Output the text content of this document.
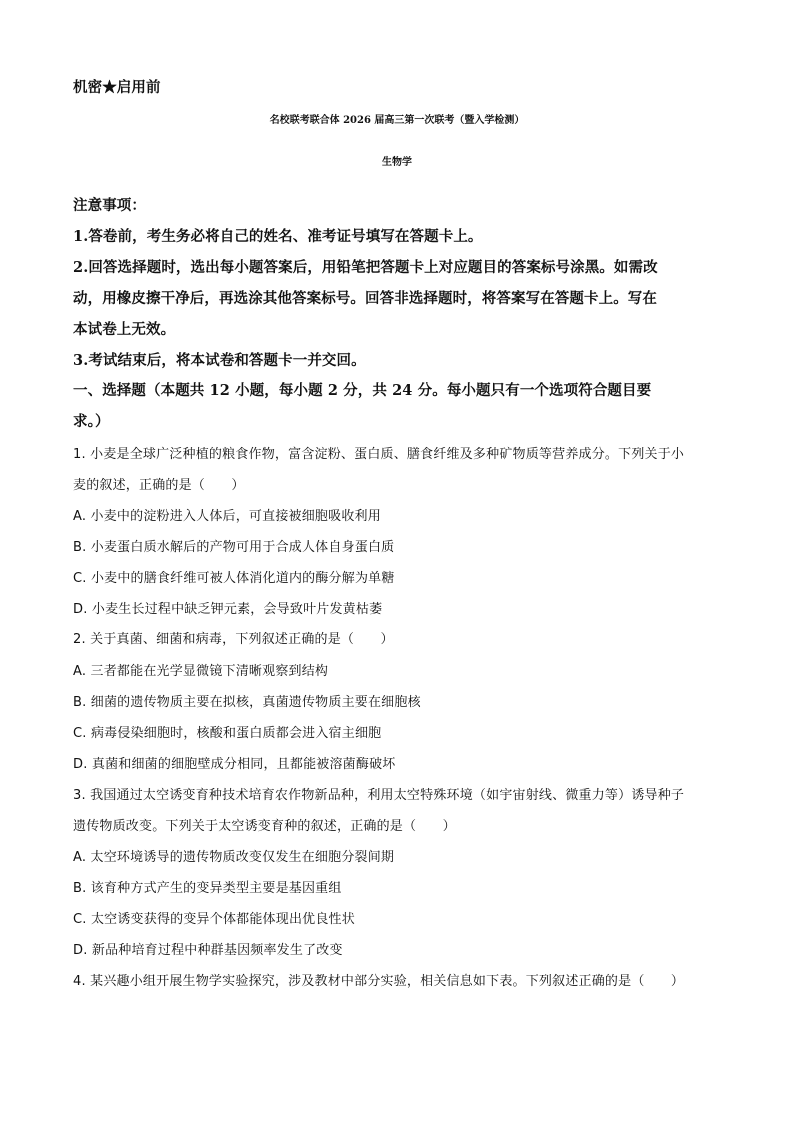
机密★启用前
名校联考联合体 2026 届高三第一次联考（暨入学检测）
生物学
注意事项：
1.答卷前，考生务必将自己的姓名、准考证号填写在答题卡上。
2.回答选择题时，选出每小题答案后，用铅笔把答题卡上对应题目的答案标号涂黑。如需改
动，用橡皮擦干净后，再选涂其他答案标号。回答非选择题时，将答案写在答题卡上。写在
本试卷上无效。
3.考试结束后，将本试卷和答题卡一并交回。
一、选择题（本题共 12 小题，每小题 2 分，共 24 分。每小题只有一个选项符合题目要
求。）
1. 小麦是全球广泛种植的粮食作物，富含淀粉、蛋白质、膳食纤维及多种矿物质等营养成分。下列关于小
麦的叙述，正确的是（　　）
A. 小麦中的淀粉进入人体后，可直接被细胞吸收利用
B. 小麦蛋白质水解后的产物可用于合成人体自身蛋白质
C. 小麦中的膳食纤维可被人体消化道内的酶分解为单糖
D. 小麦生长过程中缺乏钾元素，会导致叶片发黄枯萎
2. 关于真菌、细菌和病毒，下列叙述正确的是（　　）
A. 三者都能在光学显微镜下清晰观察到结构
B. 细菌的遗传物质主要在拟核，真菌遗传物质主要在细胞核
C. 病毒侵染细胞时，核酸和蛋白质都会进入宿主细胞
D. 真菌和细菌的细胞壁成分相同，且都能被溶菌酶破坏
3. 我国通过太空诱变育种技术培育农作物新品种，利用太空特殊环境（如宇宙射线、微重力等）诱导种子
遗传物质改变。下列关于太空诱变育种的叙述，正确的是（　　）
A. 太空环境诱导的遗传物质改变仅发生在细胞分裂间期
B. 该育种方式产生的变异类型主要是基因重组
C. 太空诱变获得的变异个体都能体现出优良性状
D. 新品种培育过程中种群基因频率发生了改变
4. 某兴趣小组开展生物学实验探究，涉及教材中部分实验，相关信息如下表。下列叙述正确的是（　　）
